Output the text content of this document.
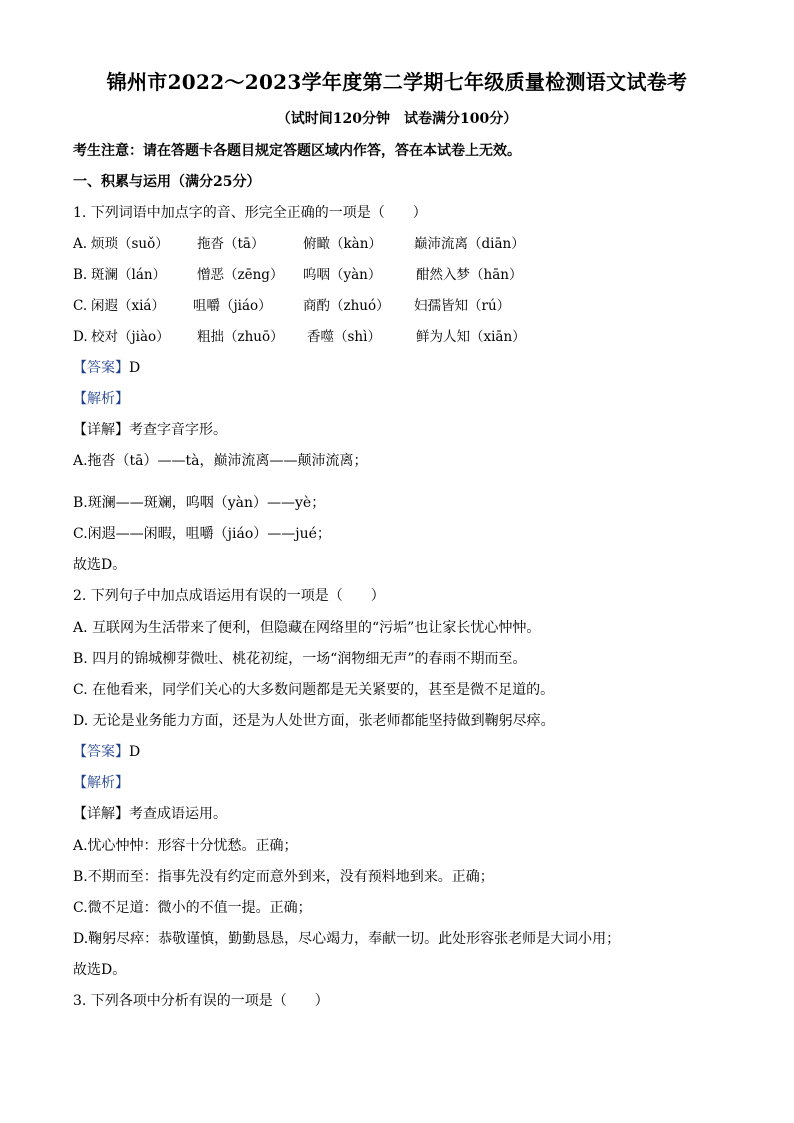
锦州市2022～2023学年度第二学期七年级质量检测语文试卷考
（试时间120分钟　试卷满分100分）
考生注意：请在答题卡各题目规定答题区域内作答，答在本试卷上无效。
一、积累与运用（满分25分）
1. 下列词语中加点字的音、形完全正确的一项是（　　）
A. 烦琐（suǒ） 拖沓（tā）	俯瞰（kàn） 巅沛流离（diān）
B. 斑澜（lán） 憎恶（zēng） 呜咽（yàn）	酣然入梦（hān）
C. 闲遐（xiá） 咀嚼（jiáo） 商酌（zhuó） 妇孺皆知（rú）
D. 校对（jiào） 粗拙（zhuō） 香噬（shì）	鲜为人知（xiān）
【答案】D
【解析】
【详解】考查字音字形。
A.拖沓（tā）——tà，巅沛流离——颠沛流离；
B.斑澜——斑斓，呜咽（yàn）——yè；
C.闲遐——闲暇，咀嚼（jiáo）——jué；
故选D。
2. 下列句子中加点成语运用有误的一项是（　　）
A. 互联网为生活带来了便利，但隐藏在网络里的“污垢”也让家长忧心忡忡。
B. 四月的锦城柳芽微吐、桃花初绽，一场“润物细无声”的春雨不期而至。
C. 在他看来，同学们关心的大多数问题都是无关紧要的，甚至是微不足道的。
D. 无论是业务能力方面，还是为人处世方面，张老师都能坚持做到鞠躬尽瘁。
【答案】D
【解析】
【详解】考查成语运用。
A.忧心忡忡：形容十分忧愁。正确；
B.不期而至：指事先没有约定而意外到来，没有预料地到来。正确；
C.微不足道：微小的不值一提。正确；
D.鞠躬尽瘁：恭敬谨慎，勤勤恳恳，尽心竭力，奉献一切。此处形容张老师是大词小用；
故选D。
3. 下列各项中分析有误的一项是（　　）
